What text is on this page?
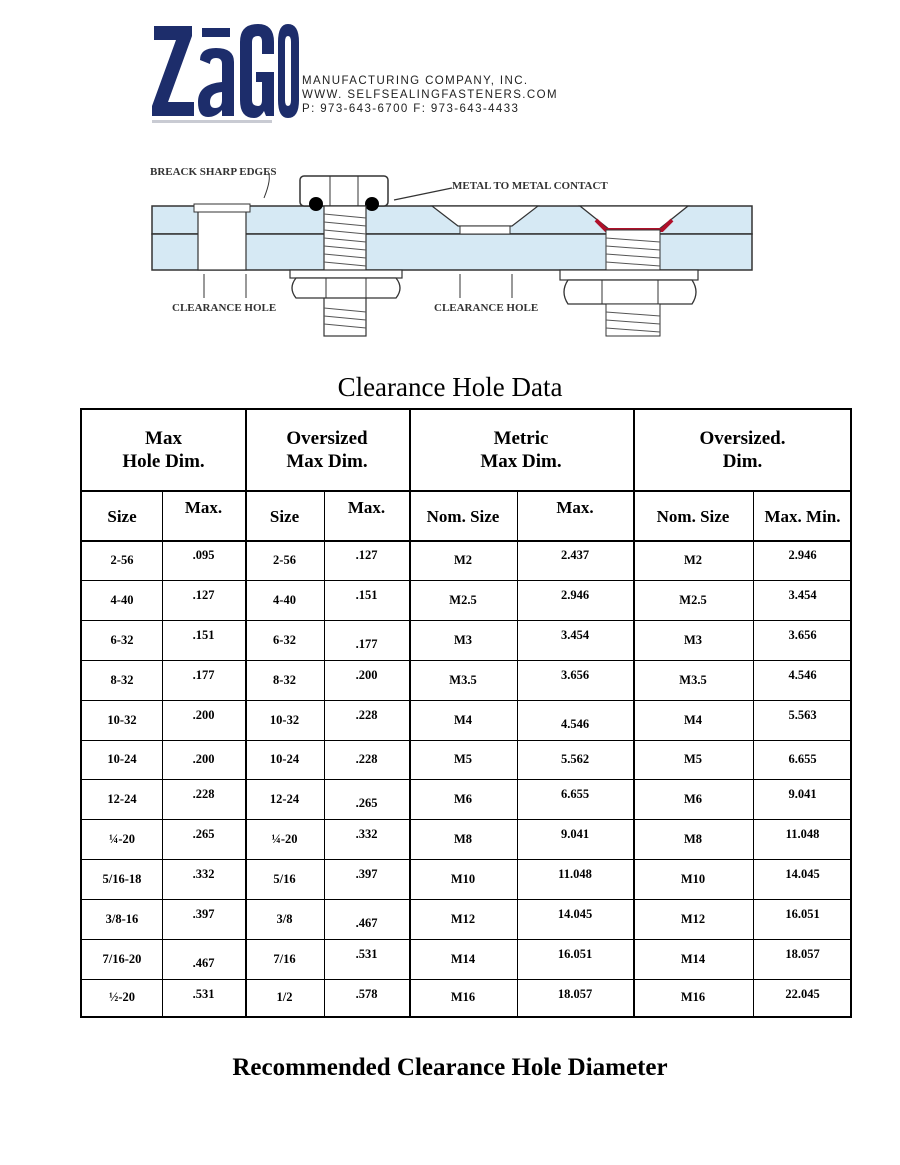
ZāGO
MANUFACTURING COMPANY, INC.
WWW. SELFSEALINGFASTENERS.COM
P: 973-643-6700 F: 973-643-4433
BREACK SHARP EDGES
METAL TO METAL CONTACT
CLEARANCE HOLE	CLEARANCE HOLE
Clearance Hole Data
Max
Hole Dim.
Oversized
Max Dim.
Metric
Max Dim.
Oversized.
Dim.
Size	Max.	Size	Max.	Nom. Size	Max.	Nom. Size	Max. Min.
2-56	.095	2-56	.127	M2	2.437	M2	2.946
4-40	.127	4-40	.151	M2.5	2.946	M2.5	3.454
6-32	.151	6-32	.177	M3	3.454	M3	3.656
8-32	.177	8-32	.200	M3.5	3.656	M3.5	4.546
10-32	.200	10-32	.228	M4	4.546	M4	5.563
10-24	.200	10-24	.228	M5	5.562	M5	6.655
12-24	.228	12-24	.265	M6	6.655	M6	9.041
¼-20	.265	¼-20	.332	M8	9.041	M8	11.048
5/16-18	.332	5/16	.397	M10	11.048	M10	14.045
3/8-16	.397	3/8	.467	M12	14.045	M12	16.051
7/16-20	.467	7/16	.531	M14	16.051	M14	18.057
½-20	.531	1/2	.578	M16	18.057	M16	22.045
Recommended Clearance Hole Diameter
